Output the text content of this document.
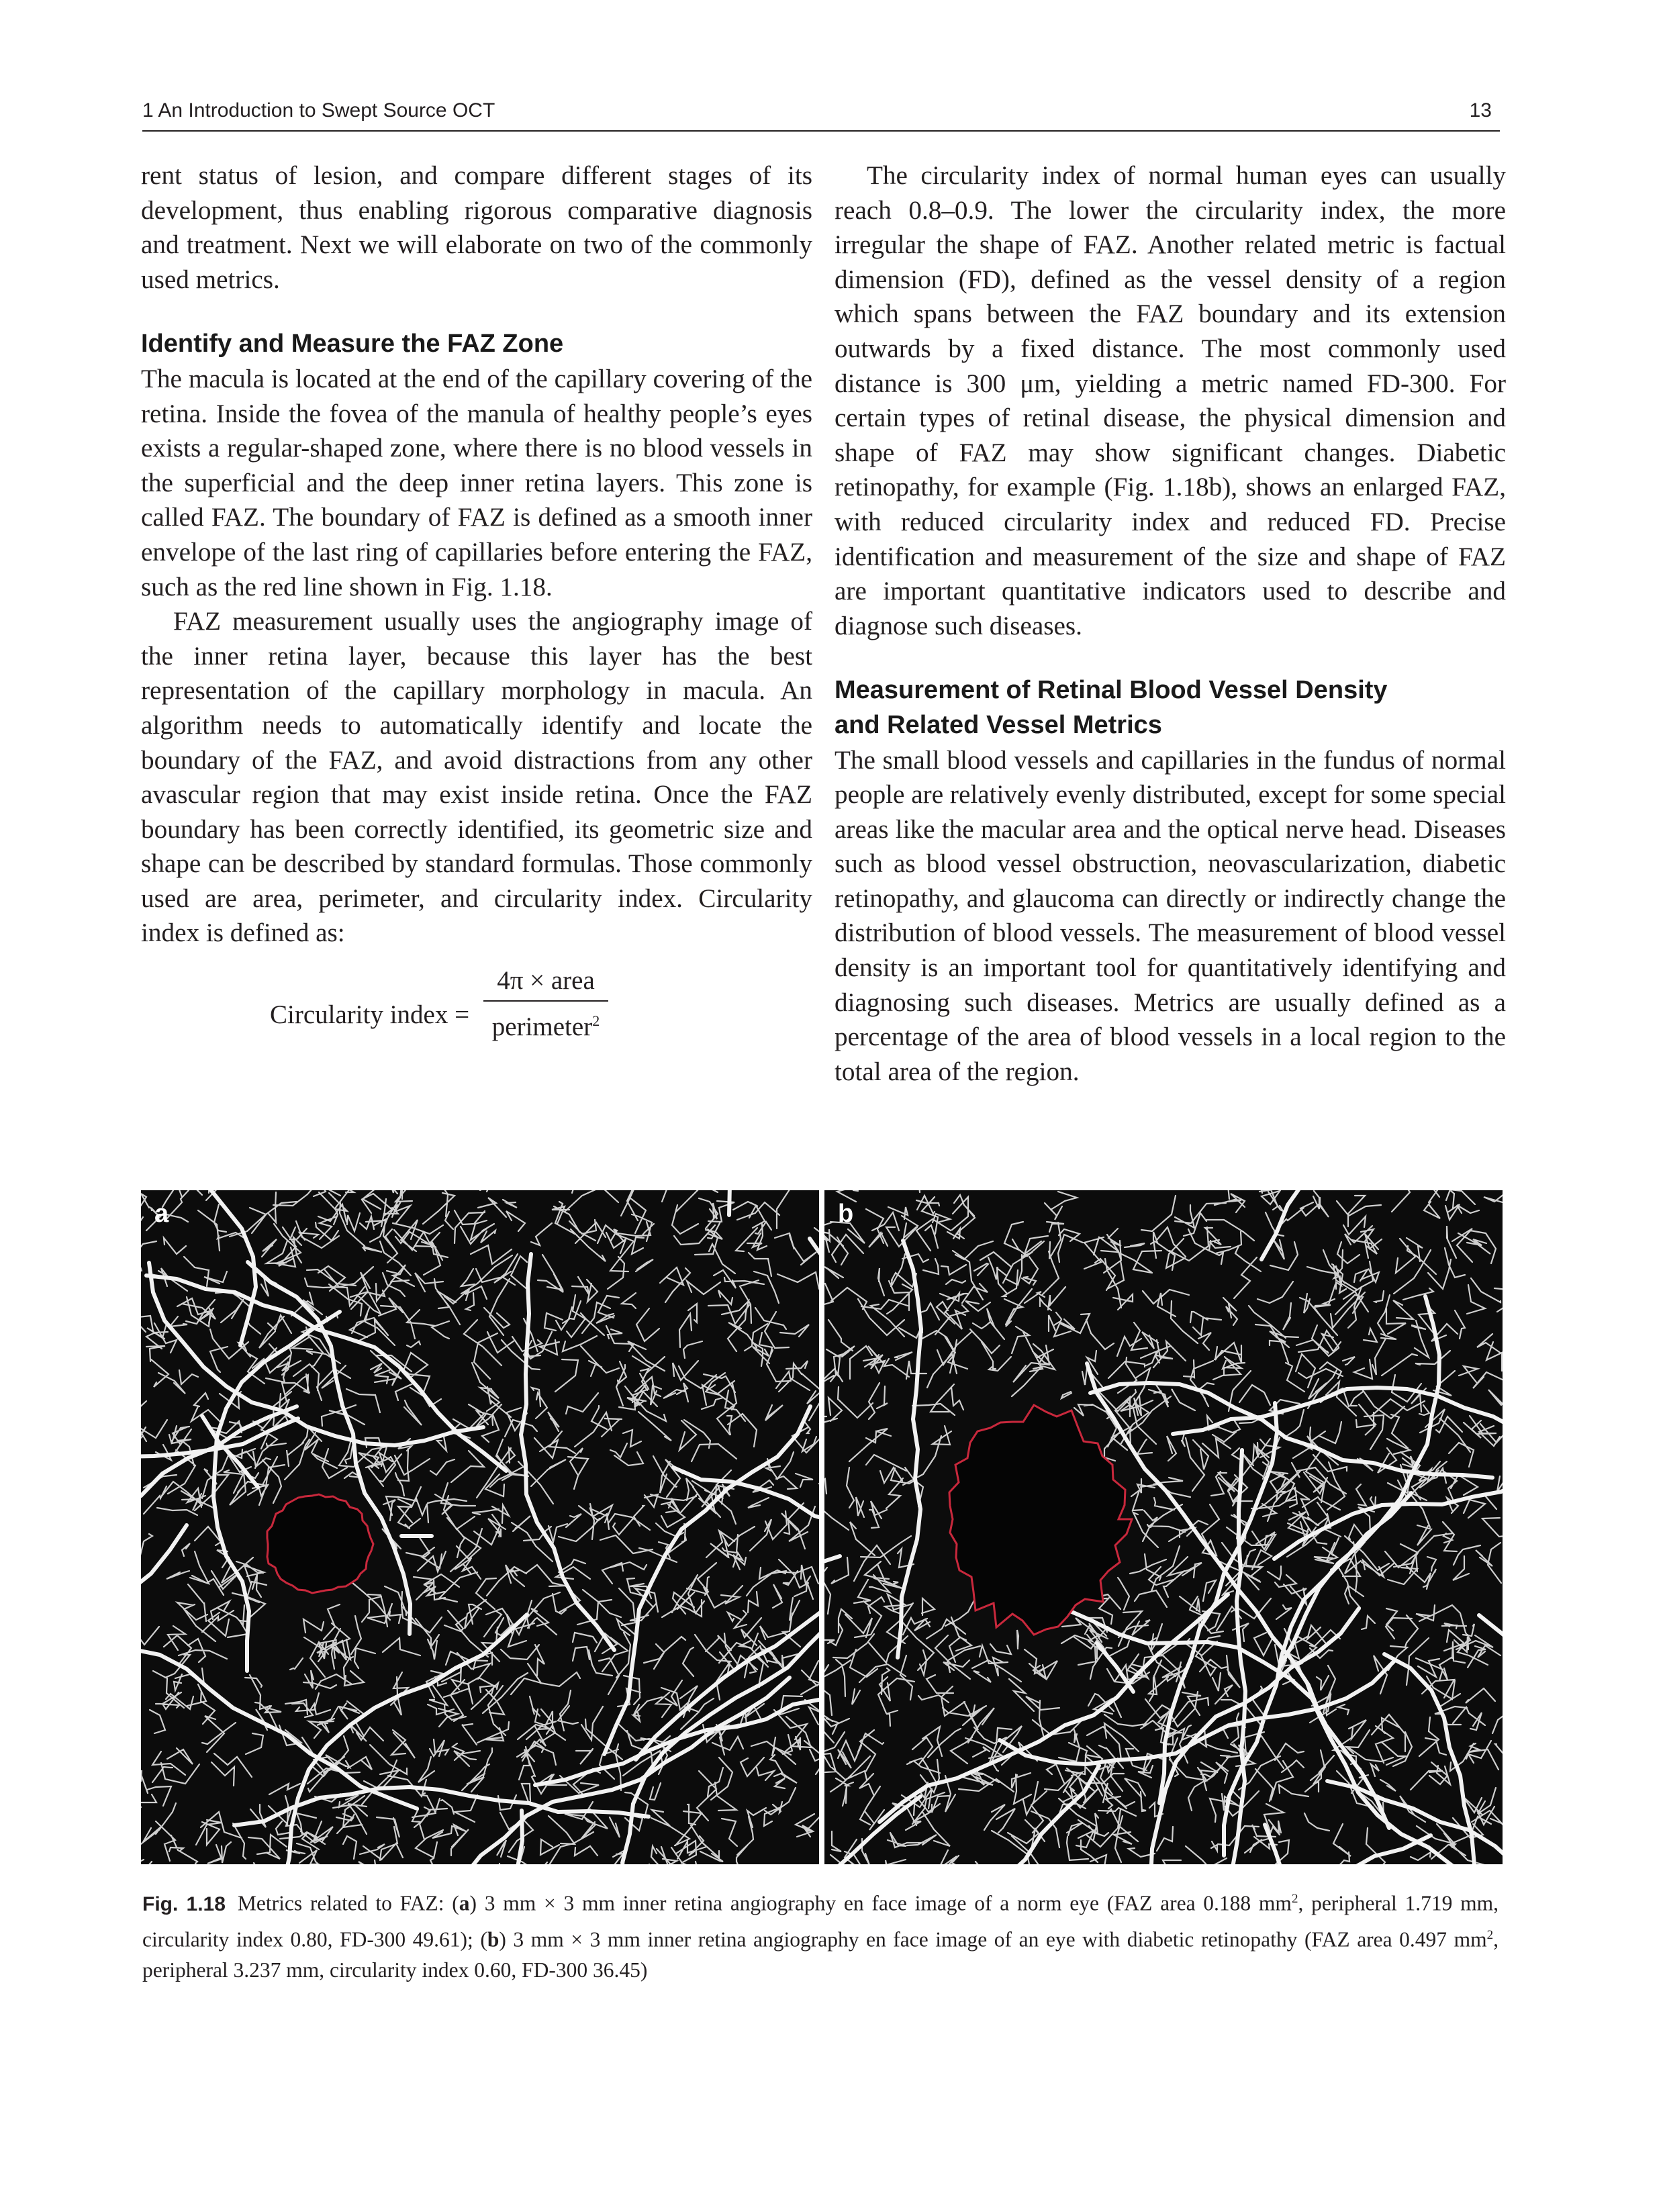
1 An Introduction to Swept Source OCT	13

rent status of lesion, and compare different stages of its development, thus enabling rigorous comparative diagnosis and treatment. Next we will elaborate on two of the commonly used metrics.

Identify and Measure the FAZ Zone

The macula is located at the end of the capillary covering of the retina. Inside the fovea of the manula of healthy people’s eyes exists a regular-shaped zone, where there is no blood vessels in the superficial and the deep inner retina layers. This zone is called FAZ. The boundary of FAZ is defined as a smooth inner envelope of the last ring of capillaries before entering the FAZ, such as the red line shown in Fig. 1.18.

FAZ measurement usually uses the angiography image of the inner retina layer, because this layer has the best representation of the capillary morphology in macula. An algorithm needs to automatically identify and locate the boundary of the FAZ, and avoid distractions from any other avascular region that may exist inside retina. Once the FAZ boundary has been correctly identified, its geometric size and shape can be described by standard formulas. Those commonly used are area, perimeter, and circularity index. Circularity index is defined as:

Circularity index =
4π × area
perimeter$^2$

The circularity index of normal human eyes can usually reach 0.8–0.9. The lower the circularity index, the more irregular the shape of FAZ. Another related metric is factual dimension (FD), defined as the vessel density of a region which spans between the FAZ boundary and its extension outwards by a fixed distance. The most commonly used distance is 300 μm, yielding a metric named FD-300. For certain types of retinal disease, the physical dimension and shape of FAZ may show significant changes. Diabetic retinopathy, for example (Fig. 1.18b), shows an enlarged FAZ, with reduced circularity index and reduced FD. Precise identification and measurement of the size and shape of FAZ are important quantitative indicators used to describe and diagnose such diseases.

Measurement of Retinal Blood Vessel Density
and Related Vessel Metrics

The small blood vessels and capillaries in the fundus of normal people are relatively evenly distributed, except for some special areas like the macular area and the optical nerve head. Diseases such as blood vessel obstruction, neovascularization, diabetic retinopathy, and glaucoma can directly or indirectly change the distribution of blood vessels. The measurement of blood vessel density is an important tool for quantitatively identifying and diagnosing such diseases. Metrics are usually defined as a percentage of the area of blood vessels in a local region to the total area of the region.

a	b
Fig. 1.18 Metrics related to FAZ: (a) 3 mm × 3 mm inner retina angiography en face image of a norm eye (FAZ area 0.188 $mm^2$, peripheral 1.719 mm, circularity index 0.80, FD-300 49.61); (b) 3 mm × 3 mm inner retina angiography en face image of an eye with diabetic retinopathy (FAZ area 0.497 $mm^2$, peripheral 3.237 mm, circularity index 0.60, FD-300 36.45)
